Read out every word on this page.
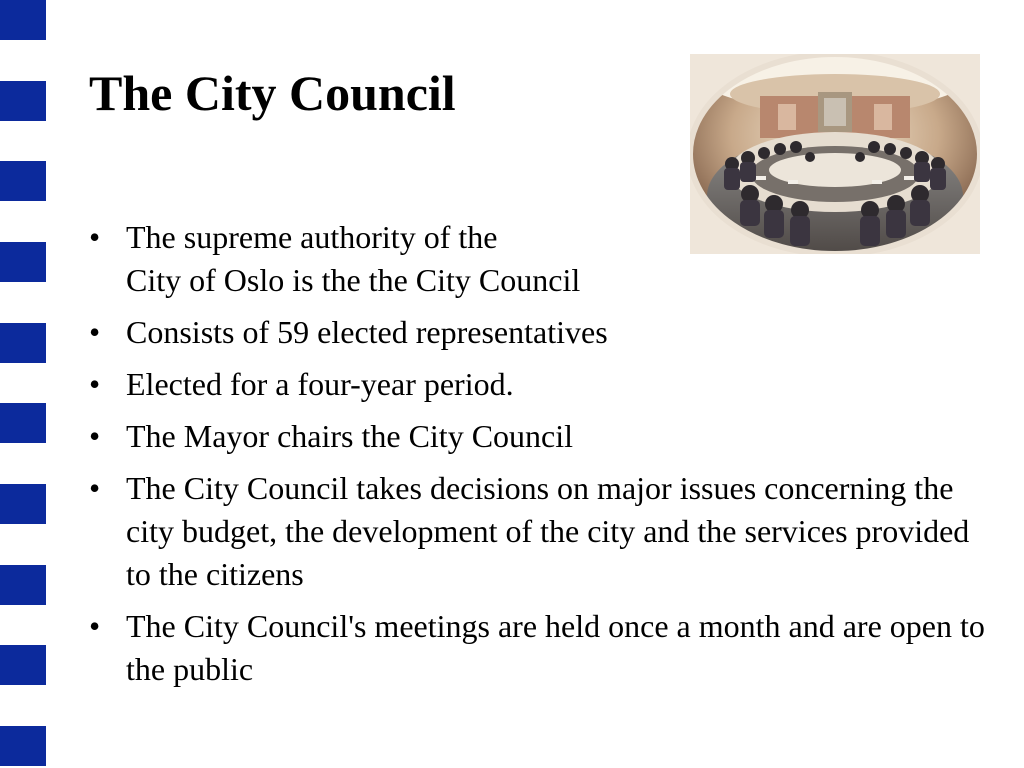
The City Council
• The supreme authority of the
City of Oslo is the the City Council
• Consists of 59 elected representatives
• Elected for a four-year period.
• The Mayor chairs the City Council
• The City Council takes decisions on major issues concerning the city budget, the development of the city and the services provided to the citizens
• The City Council's meetings are held once a month and are open to the public
